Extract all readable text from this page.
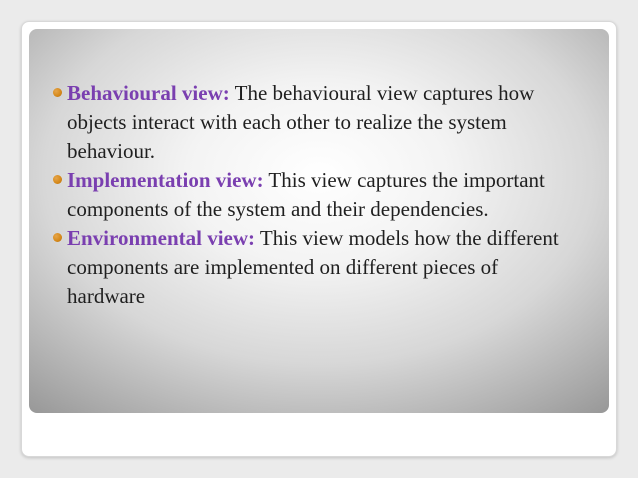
Behavioural view: The behavioural view captures how objects interact with each other to realize the system behaviour.
Implementation view: This view captures the important components of the system and their dependencies.
Environmental view: This view models how the different components are implemented on different pieces of hardware
